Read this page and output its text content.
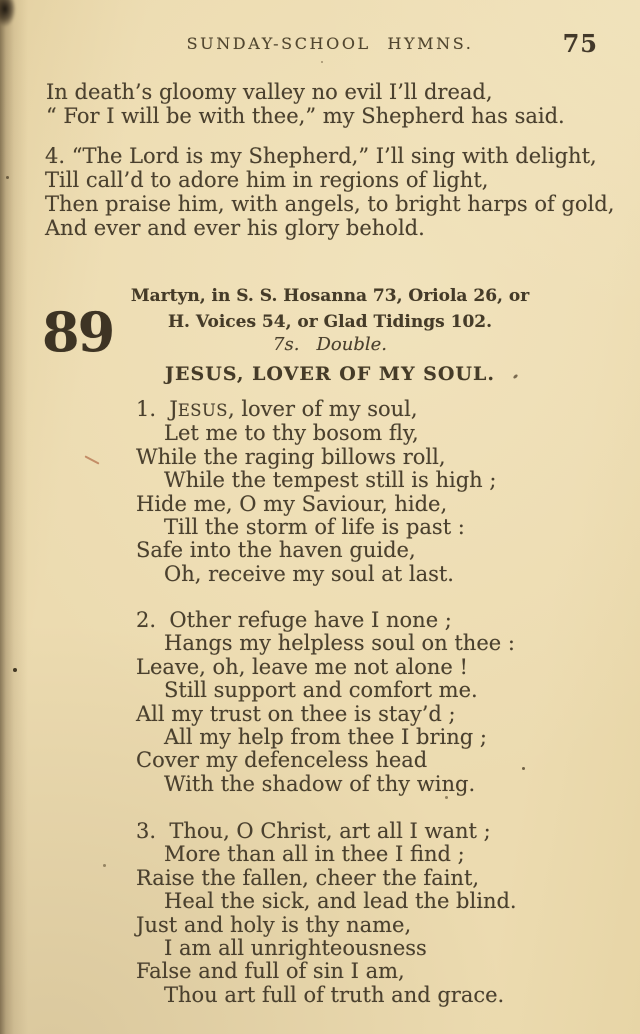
SUNDAY-SCHOOL HYMNS.	75
In death’s gloomy valley no evil I’ll dread,
“ For I will be with thee,” my Shepherd has said.
4. “The Lord is my Shepherd,” I’ll sing with delight,
Till call’d to adore him in regions of light,
Then praise him, with angels, to bright harps of gold,
And ever and ever his glory behold.
89
Martyn, in S. S. Hosanna 73, Oriola 26, or
H. Voices 54, or Glad Tidings 102.
7s. Double.
JESUS, LOVER OF MY SOUL.
1.  JESUS, lover of my soul,
Let me to thy bosom fly,
While the raging billows roll,
While the tempest still is high ;
Hide me, O my Saviour, hide,
Till the storm of life is past :
Safe into the haven guide,
Oh, receive my soul at last.
2.  Other refuge have I none ;
Hangs my helpless soul on thee :
Leave, oh, leave me not alone !
Still support and comfort me.
All my trust on thee is stay’d ;
All my help from thee I bring ;
Cover my defenceless head
With the shadow of thy wing.
3.  Thou, O Christ, art all I want ;
More than all in thee I find ;
Raise the fallen, cheer the faint,
Heal the sick, and lead the blind.
Just and holy is thy name,
I am all unrighteousness
False and full of sin I am,
Thou art full of truth and grace.
